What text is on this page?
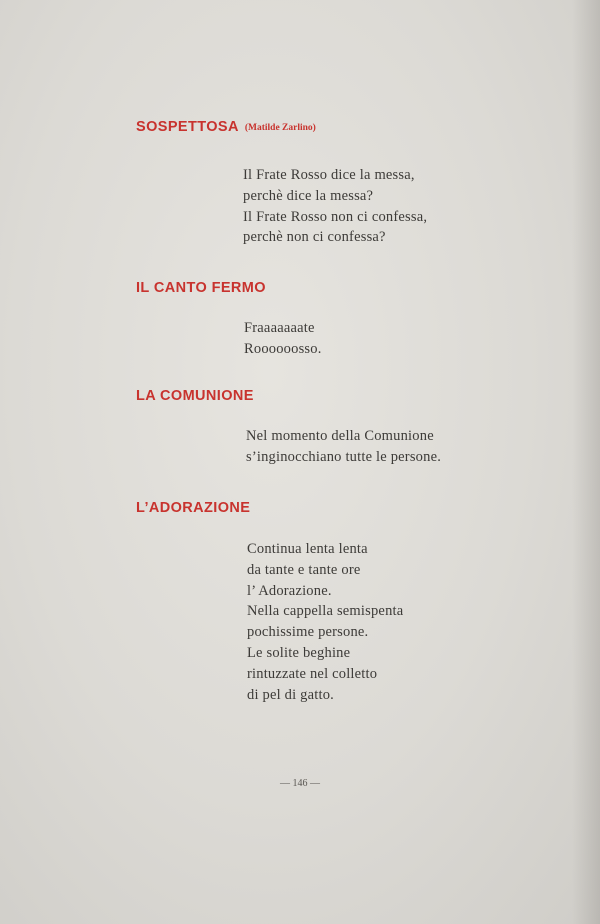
SOSPETTOSA (Matilde Zarlino)
Il Frate Rosso dice la messa,
perchè dice la messa?
Il Frate Rosso non ci confessa,
perchè non ci confessa?
IL CANTO FERMO
Fraaaaaaate
Roooooosso.
LA COMUNIONE
Nel momento della Comunione
s’inginocchiano tutte le persone.
L’ADORAZIONE
Continua lenta lenta
da tante e tante ore
l’ Adorazione.
Nella cappella semispenta
pochissime persone.
Le solite beghine
rintuzzate nel colletto
di pel di gatto.
— 146 —
